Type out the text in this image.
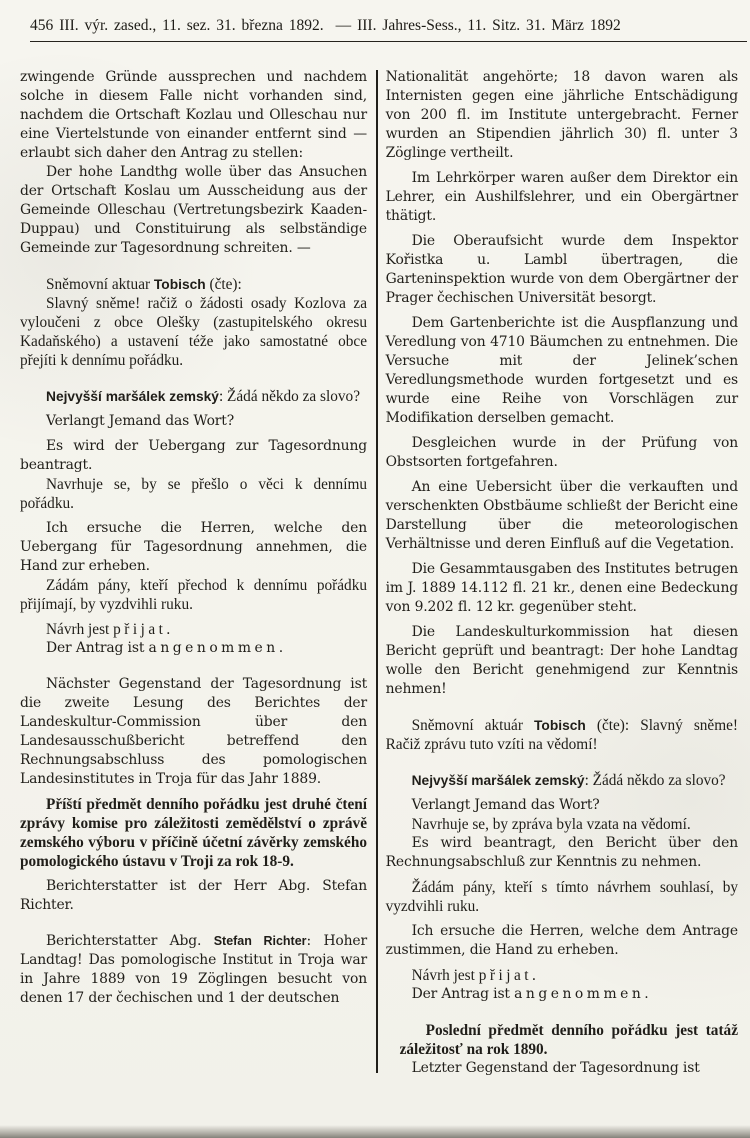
456 III. výr. zased., 11. sez. 31. března 1892. — III. Jahres-Sess., 11. Sitz. 31. März 1892

zwingende Gründe aussprechen und nachdem solche in diesem Falle nicht vorhanden sind, nachdem die Ortschaft Kozlau und Olleschau nur eine Viertelstunde von einander entfernt sind — erlaubt sich daher den Antrag zu stellen:

Der hohe Landthg wolle über das Ansuchen der Ortschaft Koslau um Ausscheidung aus der Gemeinde Olleschau (Vertretungsbezirk Kaaden-Duppau) und Constituirung als selbständige Gemeinde zur Tagesordnung schreiten. —

Sněmovní aktuar Tobisch (čte):

Slavný sněme! račiž o žádosti osady Kozlova za vyloučeni z obce Olešky (zastupitelského okresu Kadaňského) a ustavení téže jako samostatné obce přejíti k dennímu pořádku.

Nejvyšší maršálek zemský: Žádá někdo za slovo?

Verlangt Jemand das Wort?

Es wird der Uebergang zur Tagesordnung beantragt.

Navrhuje se, by se přešlo o věci k dennímu pořádku.

Ich ersuche die Herren, welche den Uebergang für Tagesordnung annehmen, die Hand zur erheben.

Zádám pány, kteří přechod k dennímu pořádku přijímají, by vyzdvihli ruku.

Návrh jest přijat.

Der Antrag ist angenommen.

Nächster Gegenstand der Tagesordnung ist die zweite Lesung des Berichtes der Landeskultur-Commission über den Landesausschußbericht betreffend den Rechnungsabschluss des pomologischen Landesinstitutes in Troja für das Jahr 1889.

Příští předmět denního pořádku jest druhé čtení zprávy komise pro záležitosti zemědělství o zprávě zemského výboru v příčině účetní závěrky zemského pomologického ústavu v Troji za rok 18-9.

Berichterstatter ist der Herr Abg. Stefan Richter.

Berichterstatter Abg. Stefan Richter: Hoher Landtag! Das pomologische Institut in Troja war in Jahre 1889 von 19 Zöglingen besucht von denen 17 der čechischen und 1 der deutschen

Nationalität angehörte; 18 davon waren als Internisten gegen eine jährliche Entschädigung von 200 fl. im Institute untergebracht. Ferner wurden an Stipendien jährlich 30) fl. unter 3 Zöglinge vertheilt.

Im Lehrkörper waren außer dem Direktor ein Lehrer, ein Aushilfslehrer, und ein Obergärtner thätigt.

Die Oberaufsicht wurde dem Inspektor Kořistka u. Lambl übertragen, die Garteninspektion wurde von dem Obergärtner der Prager čechischen Universität besorgt.

Dem Gartenberichte ist die Auspflanzung und Veredlung von 4710 Bäumchen zu entnehmen. Die Versuche mit der Jelinek’schen Veredlungsmethode wurden fortgesetzt und es wurde eine Reihe von Vorschlägen zur Modifikation derselben gemacht.

Desgleichen wurde in der Prüfung von Obstsorten fortgefahren.

An eine Uebersicht über die verkauften und verschenkten Obstbäume schließt der Bericht eine Darstellung über die meteorologischen Verhältnisse und deren Einfluß auf die Vegetation.

Die Gesammtausgaben des Institutes betrugen im J. 1889 14.112 fl. 21 kr., denen eine Bedeckung von 9.202 fl. 12 kr. gegenüber steht.

Die Landeskulturkommission hat diesen Bericht geprüft und beantragt: Der hohe Landtag wolle den Bericht genehmigend zur Kenntnis nehmen!

Sněmovní aktuár Tobisch (čte): Slavný sněme! Račiž zprávu tuto vzíti na vědomí!

Nejvyšší maršálek zemský: Žádá někdo za slovo?

Verlangt Jemand das Wort?

Navrhuje se, by zpráva byla vzata na vědomí.

Es wird beantragt, den Bericht über den Rechnungsabschluß zur Kenntnis zu nehmen.

Žádám pány, kteří s tímto návrhem souhlasí, by vyzdvihli ruku.

Ich ersuche die Herren, welche dem Antrage zustimmen, die Hand zu erheben.

Návrh jest přijat.

Der Antrag ist angenommen.

Poslední předmět denního pořádku jest tatáž záležitosť na rok 1890.

Letzter Gegenstand der Tagesordnung ist
